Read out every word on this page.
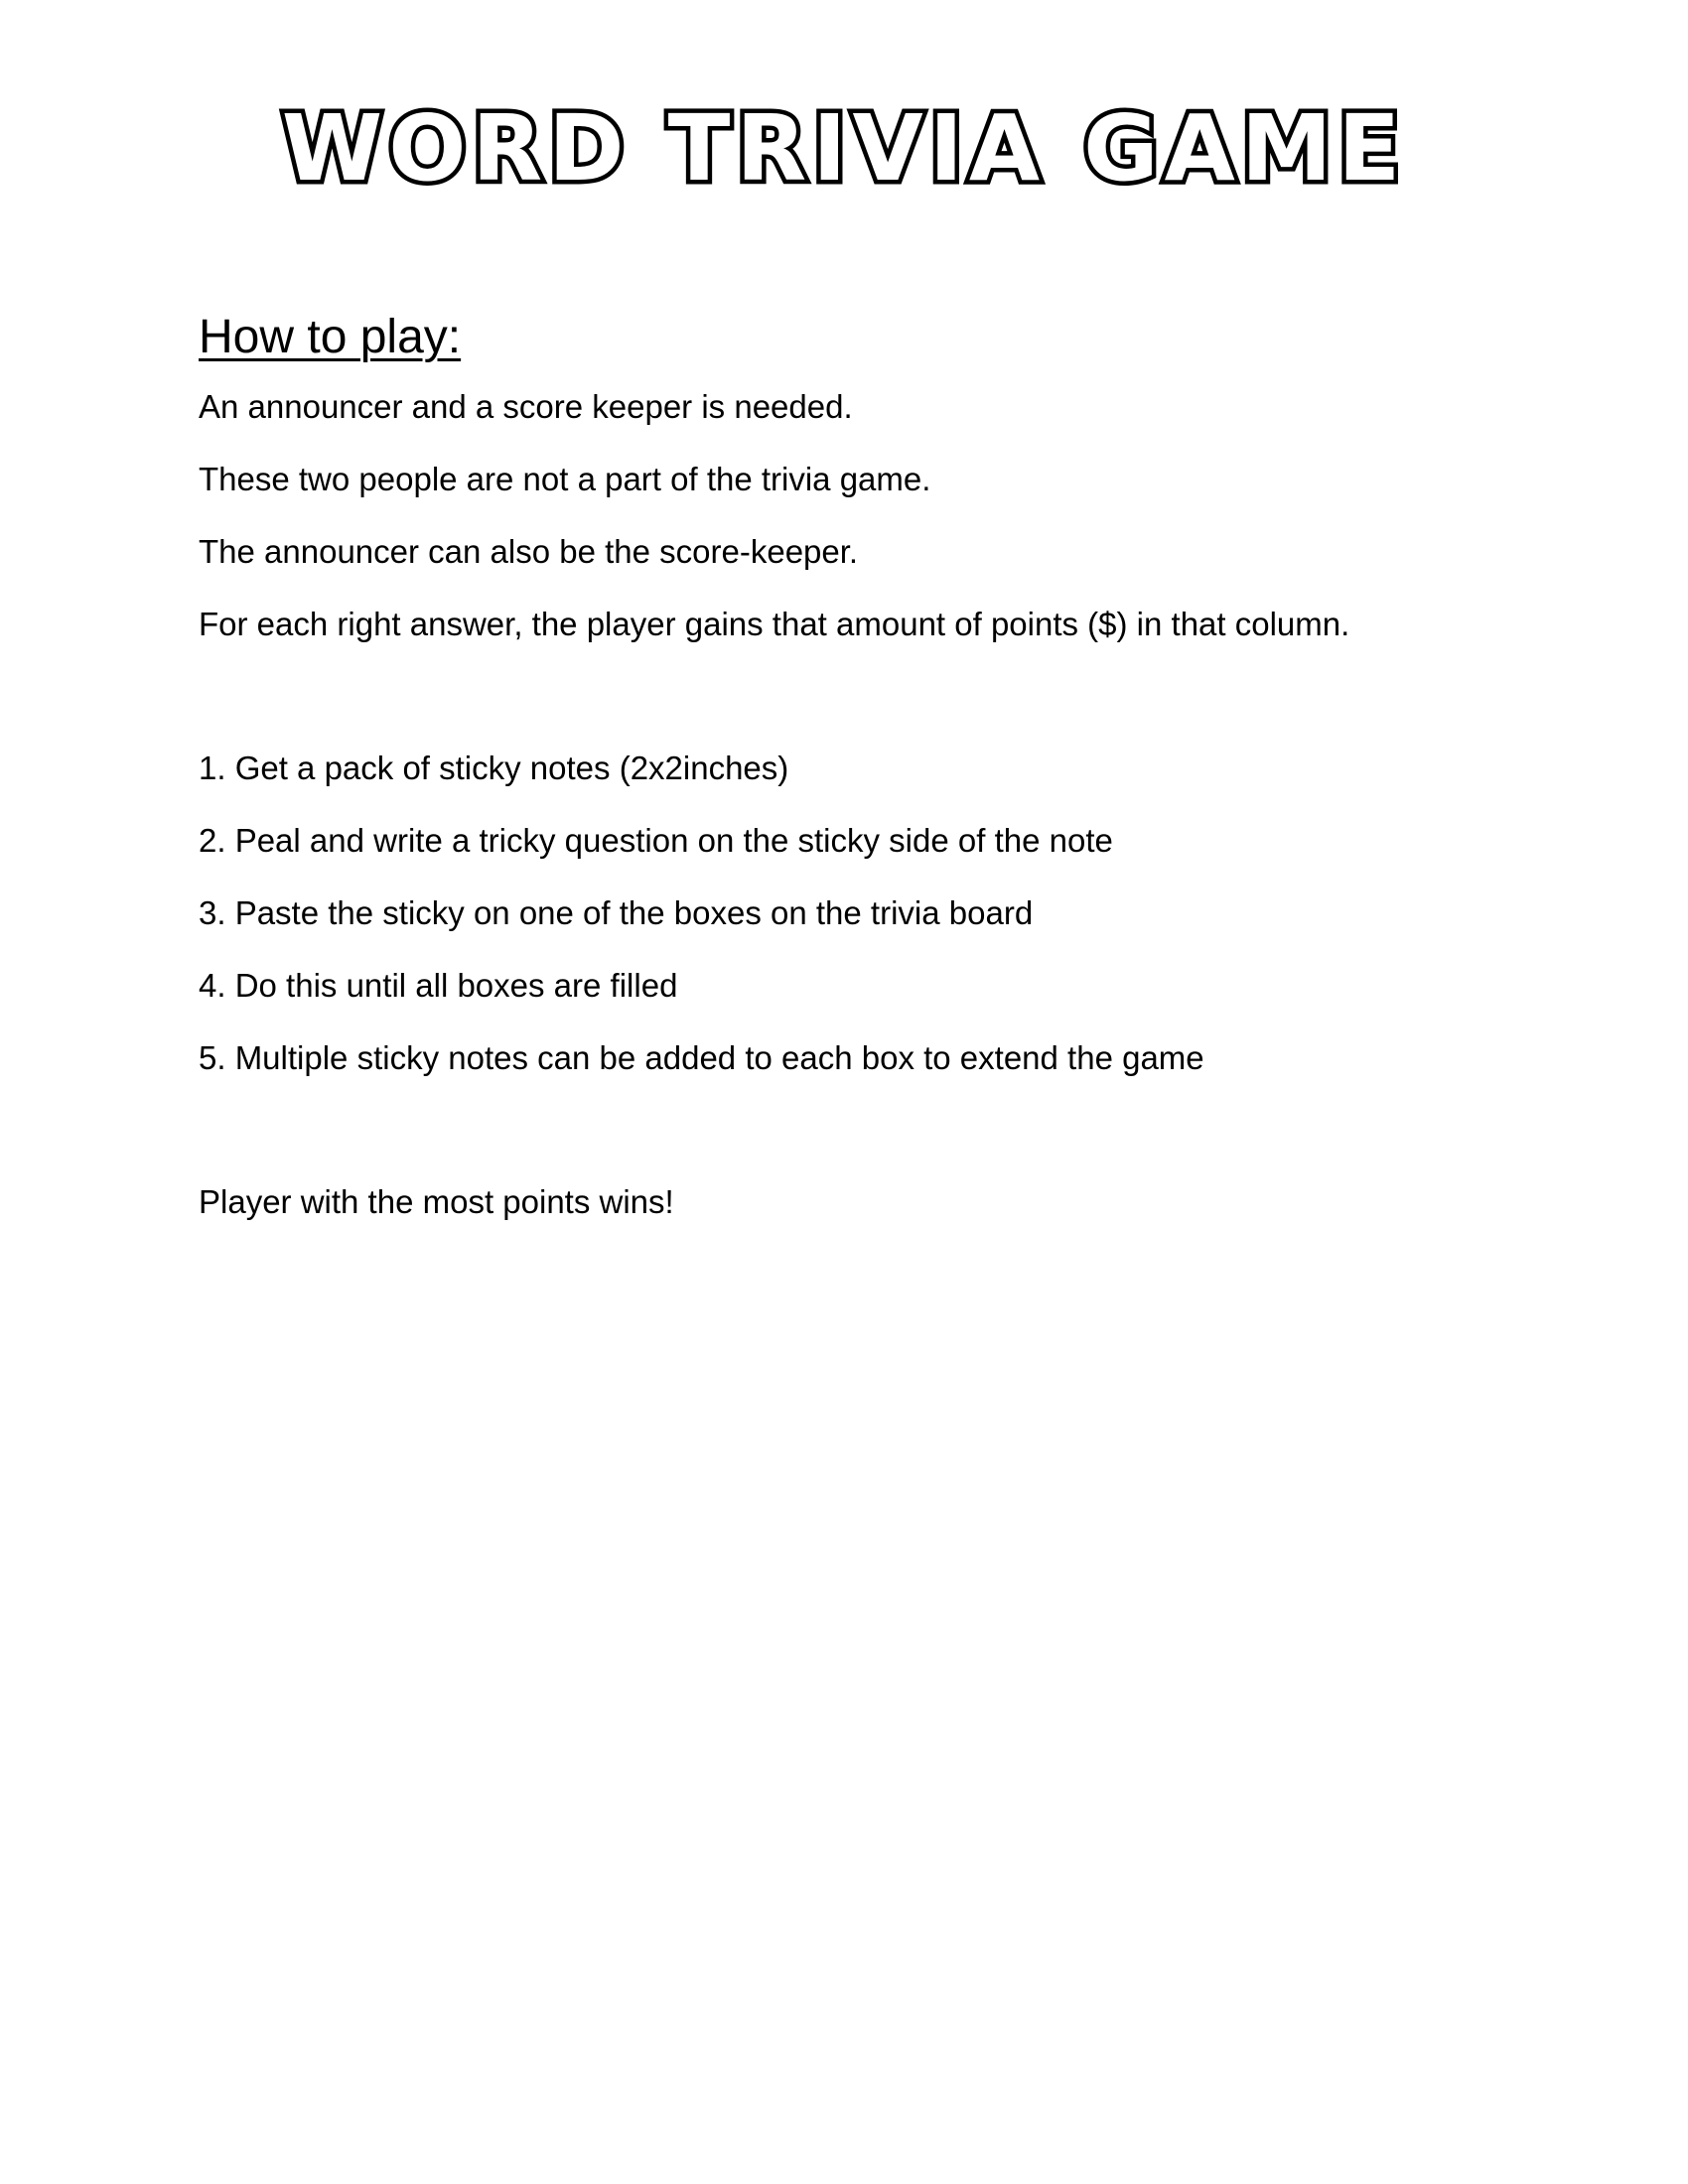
WORD TRIVIA GAME
How to play:
An announcer and a score keeper is needed.
These two people are not a part of the trivia game.
The announcer can also be the score-keeper.
For each right answer, the player gains that amount of points ($) in that column.
1. Get a pack of sticky notes (2x2inches)
2. Peal and write a tricky question on the sticky side of the note
3. Paste the sticky on one of the boxes on the trivia board
4. Do this until all boxes are filled
5. Multiple sticky notes can be added to each box to extend the game
Player with the most points wins!
